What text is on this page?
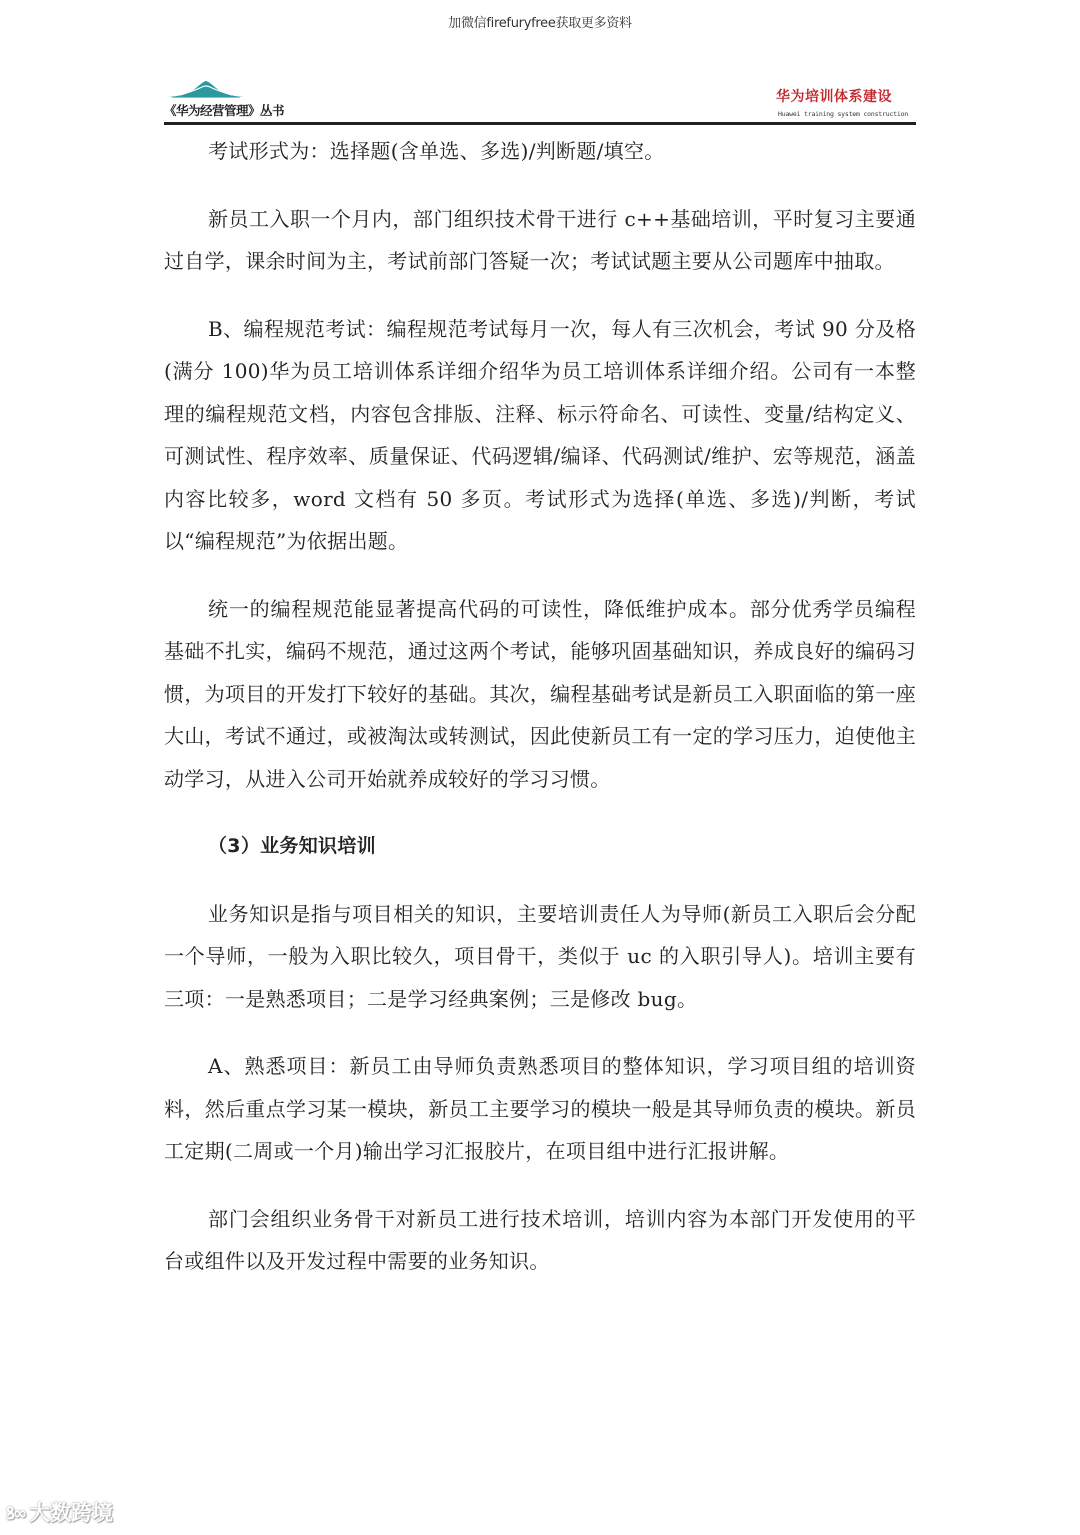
加微信firefuryfree获取更多资料
《华为经营管理》丛书
华为培训体系建设
Huawei training system construction

考试形式为：选择题(含单选、多选)/判断题/填空。

新员工入职一个月内，部门组织技术骨干进行 c++基础培训，平时复习主要通过自学，课余时间为主，考试前部门答疑一次；考试试题主要从公司题库中抽取。

B、编程规范考试：编程规范考试每月一次，每人有三次机会，考试 90 分及格(满分 100)华为员工培训体系详细介绍华为员工培训体系详细介绍。公司有一本整理的编程规范文档，内容包含排版、注释、标示符命名、可读性、变量/结构定义、可测试性、程序效率、质量保证、代码逻辑/编译、代码测试/维护、宏等规范，涵盖内容比较多，word 文档有 50 多页。考试形式为选择(单选、多选)/判断，考试以“编程规范”为依据出题。

统一的编程规范能显著提高代码的可读性，降低维护成本。部分优秀学员编程基础不扎实，编码不规范，通过这两个考试，能够巩固基础知识，养成良好的编码习惯，为项目的开发打下较好的基础。其次，编程基础考试是新员工入职面临的第一座大山，考试不通过，或被淘汰或转测试，因此使新员工有一定的学习压力，迫使他主动学习，从进入公司开始就养成较好的学习习惯。

（3）业务知识培训

业务知识是指与项目相关的知识，主要培训责任人为导师(新员工入职后会分配一个导师，一般为入职比较久，项目骨干，类似于 uc 的入职引导人)。培训主要有三项：一是熟悉项目；二是学习经典案例；三是修改 bug。

A、熟悉项目：新员工由导师负责熟悉项目的整体知识，学习项目组的培训资料，然后重点学习某一模块，新员工主要学习的模块一般是其导师负责的模块。新员工定期(二周或一个月)输出学习汇报胶片，在项目组中进行汇报讲解。

部门会组织业务骨干对新员工进行技术培训，培训内容为本部门开发使用的平台或组件以及开发过程中需要的业务知识。

ꝸ∞ 大数跨境
